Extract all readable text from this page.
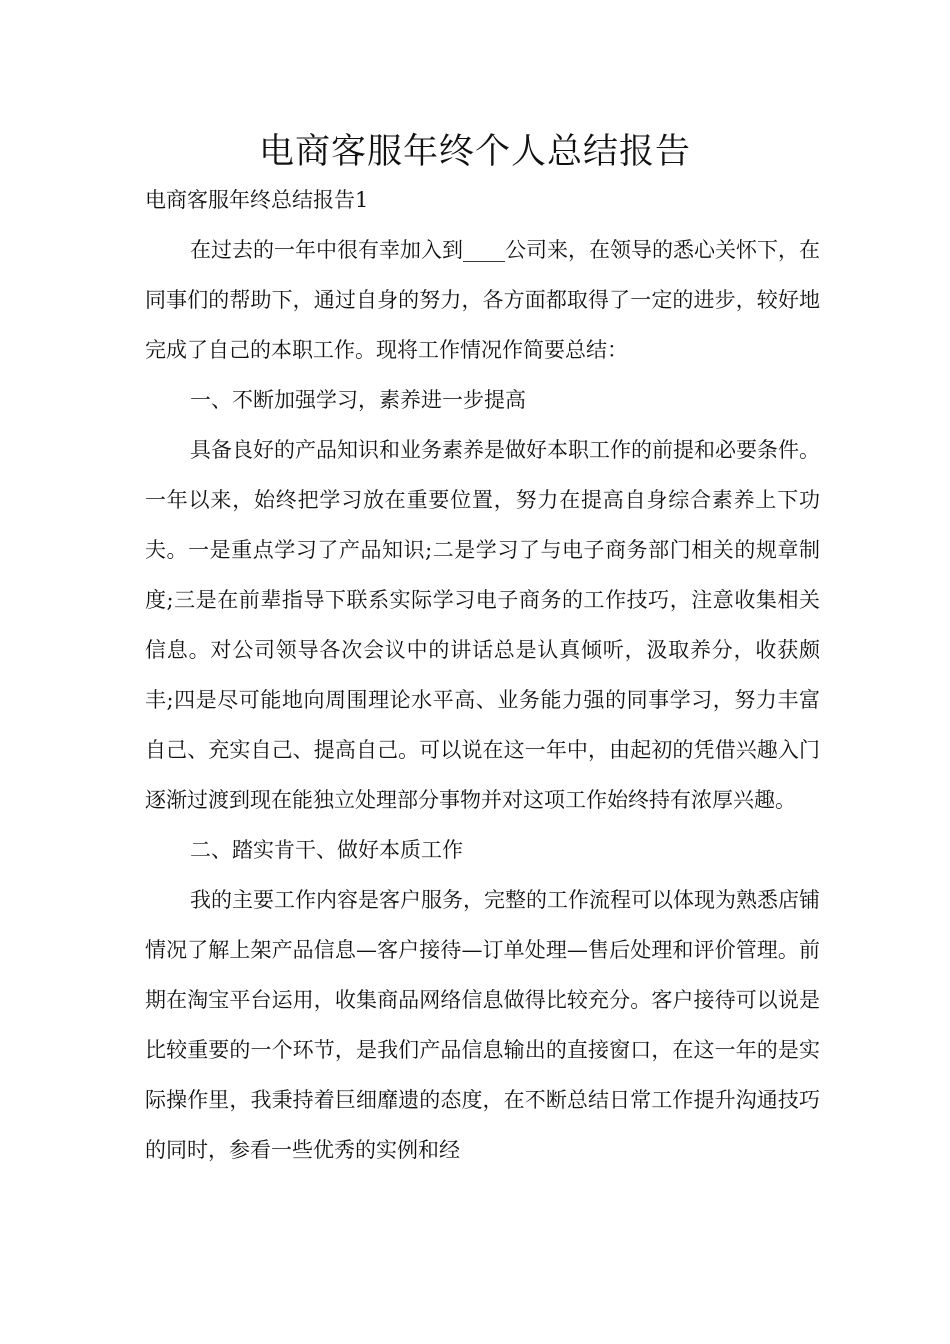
电商客服年终个人总结报告

电商客服年终总结报告1

在过去的一年中很有幸加入到____公司来，在领导的悉心关怀下，在同事们的帮助下，通过自身的努力，各方面都取得了一定的进步，较好地完成了自己的本职工作。现将工作情况作简要总结：

一、不断加强学习，素养进一步提高

具备良好的产品知识和业务素养是做好本职工作的前提和必要条件。一年以来，始终把学习放在重要位置，努力在提高自身综合素养上下功夫。一是重点学习了产品知识;二是学习了与电子商务部门相关的规章制度;三是在前辈指导下联系实际学习电子商务的工作技巧，注意收集相关信息。对公司领导各次会议中的讲话总是认真倾听，汲取养分，收获颇丰;四是尽可能地向周围理论水平高、业务能力强的同事学习，努力丰富自己、充实自己、提高自己。可以说在这一年中，由起初的凭借兴趣入门逐渐过渡到现在能独立处理部分事物并对这项工作始终持有浓厚兴趣。

二、踏实肯干、做好本质工作

我的主要工作内容是客户服务，完整的工作流程可以体现为熟悉店铺情况了解上架产品信息—客户接待—订单处理—售后处理和评价管理。前期在淘宝平台运用，收集商品网络信息做得比较充分。客户接待可以说是比较重要的一个环节，是我们产品信息输出的直接窗口，在这一年的是实际操作里，我秉持着巨细靡遗的态度，在不断总结日常工作提升沟通技巧的同时，参看一些优秀的实例和经
